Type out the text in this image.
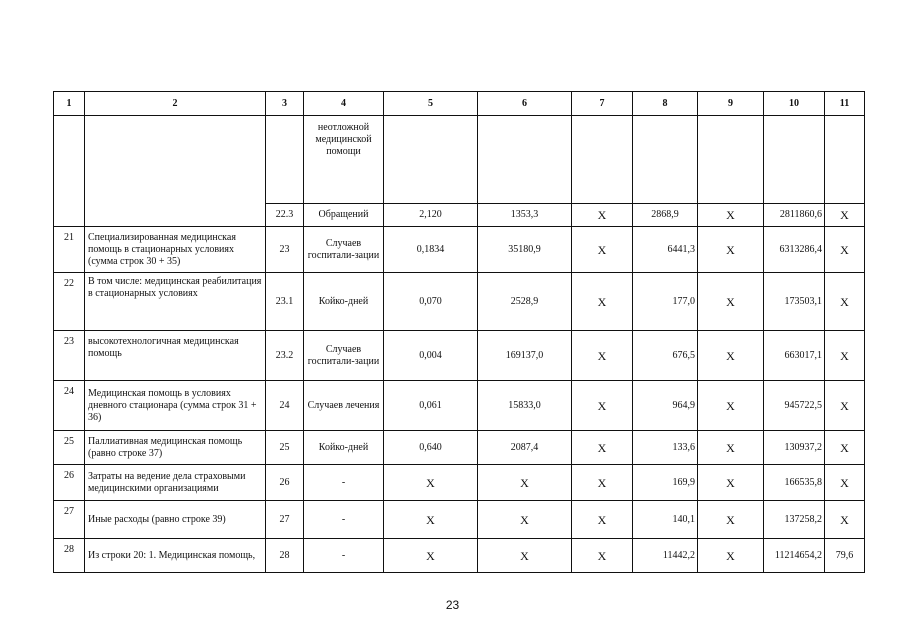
1	2	3	4	5	6	7	8	9	10	11
			неотложной медицинской помощи							
		22.3	Обращений	2,120	1353,3	X	2868,9	X	2811860,6	X
21	Специализированная медицинская помощь в стационарных условиях (сумма строк 30 + 35)	23	Случаев госпитали-зации	0,1834	35180,9	X	6441,3	X	6313286,4	X
22	В том числе: медицинская реабилитация в стационарных условиях	23.1	Койко-дней	0,070	2528,9	X	177,0	X	173503,1	X
23	высокотехнологичная медицинская помощь	23.2	Случаев госпитали-зации	0,004	169137,0	X	676,5	X	663017,1	X
24	Медицинская помощь в условиях дневного стационара (сумма строк 31 + 36)	24	Случаев лечения	0,061	15833,0	X	964,9	X	945722,5	X
25	Паллиативная медицинская помощь (равно строке 37)	25	Койко-дней	0,640	2087,4	X	133,6	X	130937,2	X
26	Затраты на ведение дела страховыми медицинскими организациями	26	-	X	X	X	169,9	X	166535,8	X
27	Иные расходы (равно строке 39)	27	-	X	X	X	140,1	X	137258,2	X
28	Из строки 20: 1. Медицинская помощь,	28	-	X	X	X	11442,2	X	11214654,2	79,6
23
